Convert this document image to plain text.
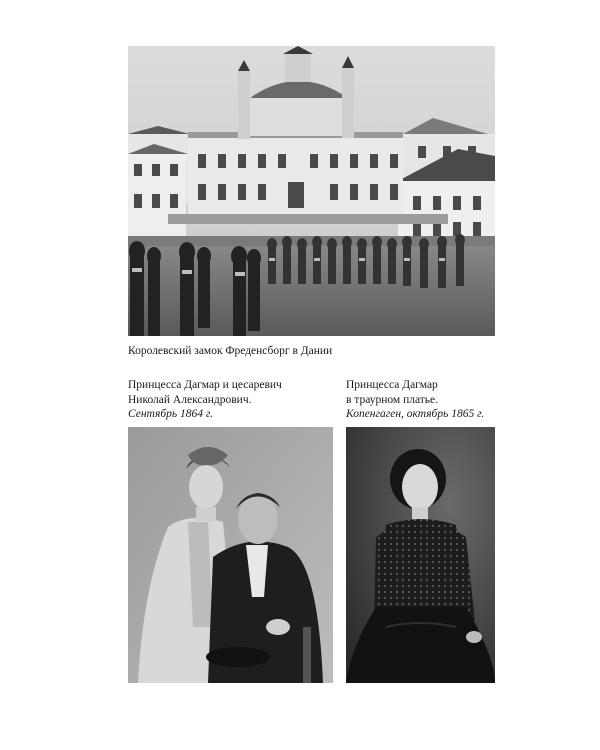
Королевский замок Фреденсборг в Дании
Принцесса Дагмар и цесаревич
Николай Александрович.
Сентябрь 1864 г.
Принцесса Дагмар
в траурном платье.
Копенгаген, октябрь 1865 г.
